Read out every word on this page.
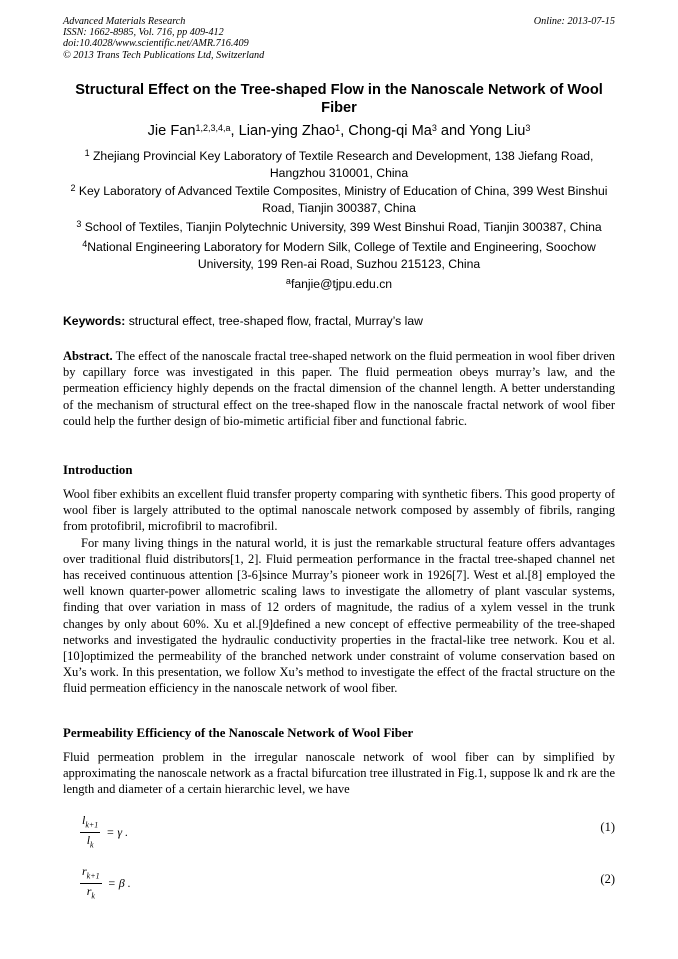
Advanced Materials Research
ISSN: 1662-8985, Vol. 716, pp 409-412
doi:10.4028/www.scientific.net/AMR.716.409
© 2013 Trans Tech Publications Ltd, Switzerland
Online: 2013-07-15
Structural Effect on the Tree-shaped Flow in the Nanoscale Network of Wool Fiber
Jie Fan$^{1,2,3,4,a}$, Lian-ying Zhao$^1$, Chong-qi Ma$^3$ and Yong Liu$^3$
$^1$ Zhejiang Provincial Key Laboratory of Textile Research and Development, 138 Jiefang Road, Hangzhou 310001, China
$^2$ Key Laboratory of Advanced Textile Composites, Ministry of Education of China, 399 West Binshui Road, Tianjin 300387, China
$^3$ School of Textiles, Tianjin Polytechnic University, 399 West Binshui Road, Tianjin 300387, China
$^4$National Engineering Laboratory for Modern Silk, College of Textile and Engineering, Soochow University, 199 Ren-ai Road, Suzhou 215123, China
$^a$fanjie@tjpu.edu.cn
Keywords: structural effect, tree-shaped flow, fractal, Murray’s law

Abstract. The effect of the nanoscale fractal tree-shaped network on the fluid permeation in wool fiber driven by capillary force was investigated in this paper. The fluid permeation obeys murray’s law, and the permeation efficiency highly depends on the fractal dimension of the channel length. A better understanding of the mechanism of structural effect on the tree-shaped flow in the nanoscale fractal network of wool fiber could help the further design of bio-mimetic artificial fiber and functional fabric.

Introduction

Wool fiber exhibits an excellent fluid transfer property comparing with synthetic fibers. This good property of wool fiber is largely attributed to the optimal nanoscale network composed by assembly of fibrils, ranging from protofibril, microfibril to macrofibril.

For many living things in the natural world, it is just the remarkable structural feature offers advantages over traditional fluid distributors[1, 2]. Fluid permeation performance in the fractal tree-shaped channel net has received continuous attention [3-6]since Murray’s pioneer work in 1926[7]. West et al.[8] employed the well known quarter-power allometric scaling laws to investigate the allometry of plant vascular systems, finding that over variation in mass of 12 orders of magnitude, the radius of a xylem vessel in the trunk changes by only about 60%. Xu et al.[9]defined a new concept of effective permeability of the tree-shaped networks and investigated the hydraulic conductivity properties in the fractal-like tree network. Kou et al. [10]optimized the permeability of the branched network under constraint of volume conservation based on Xu’s work. In this presentation, we follow Xu’s method to investigate the effect of the fractal structure on the fluid permeation efficiency in the nanoscale network of wool fiber.

Permeability Efficiency of the Nanoscale Network of Wool Fiber

Fluid permeation problem in the irregular nanoscale network of wool fiber can by simplified by approximating the nanoscale network as a fractal bifurcation tree illustrated in Fig.1, suppose lk and rk are the length and diameter of a certain hierarchic level, we have

$\frac{l_{k+1}}{l_k} = \gamma$ .	(1)
$\frac{r_{k+1}}{r_k} = \beta$ .	(2)
